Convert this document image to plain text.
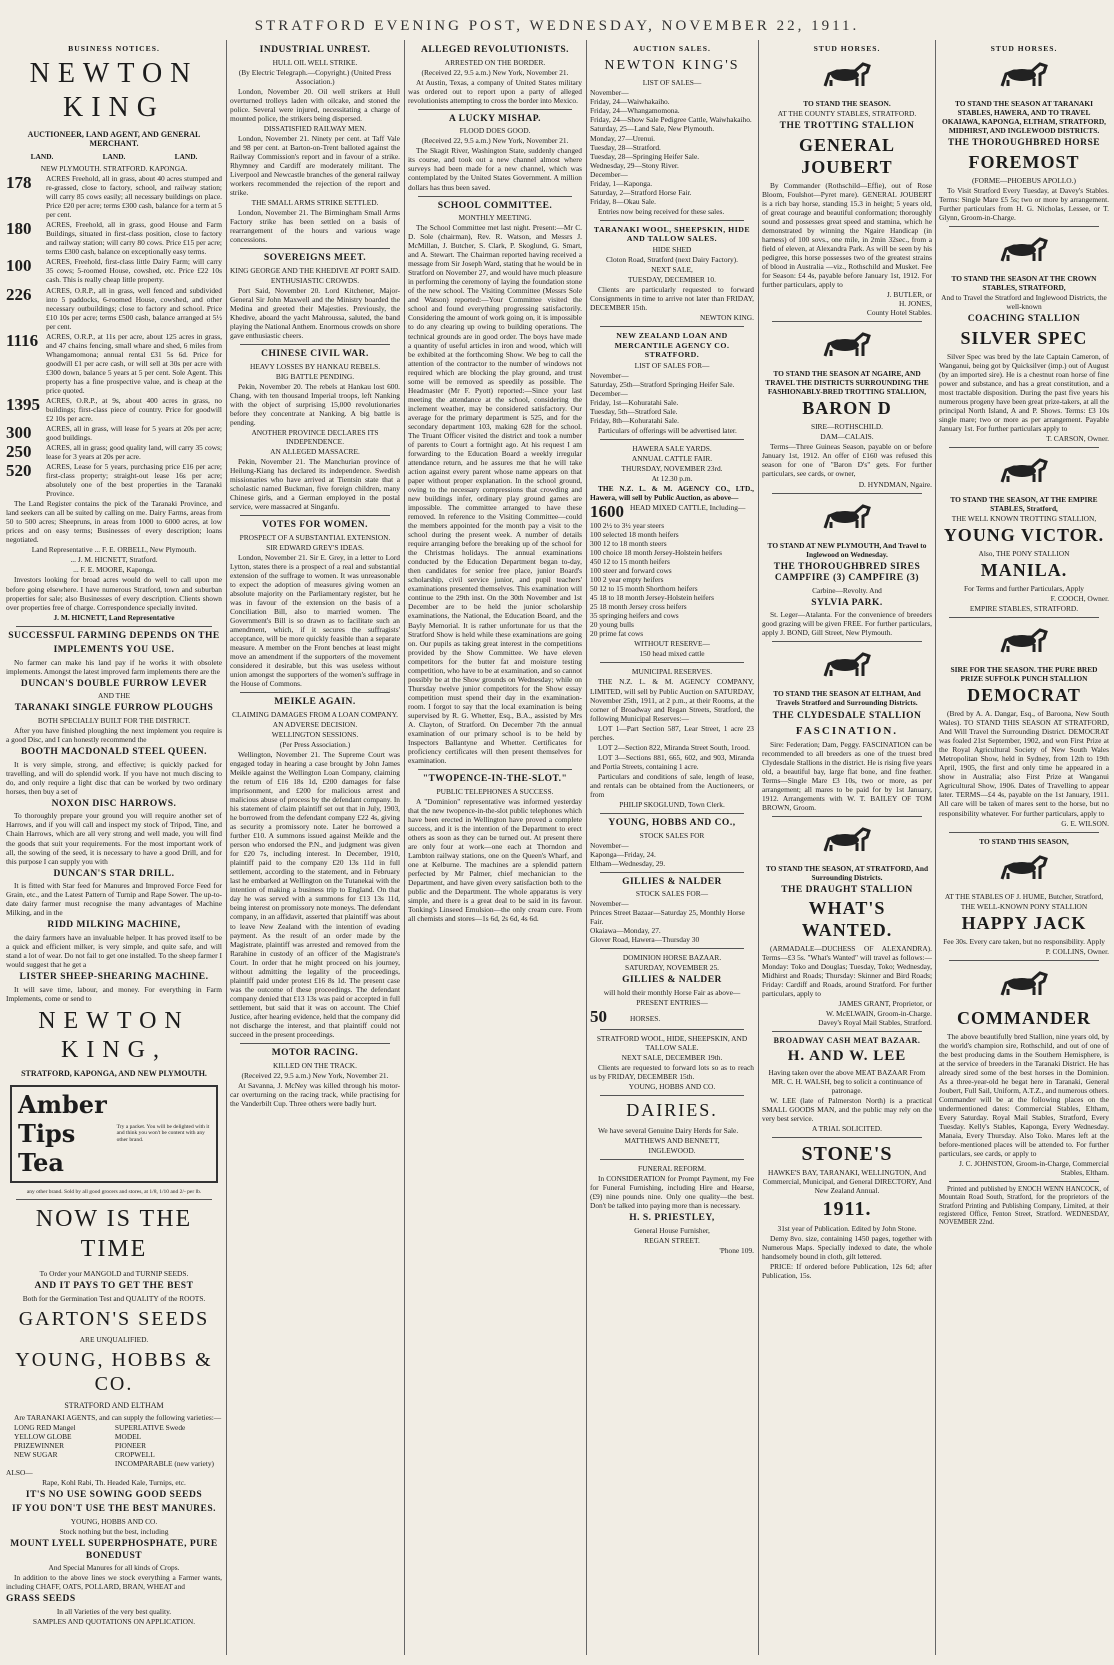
STRATFORD EVENING POST, WEDNESDAY, NOVEMBER 22, 1911.
BUSINESS NOTICES.
NEWTON KING
AUCTIONEER, LAND AGENT, AND GENERAL MERCHANT.
LAND.	LAND.	LAND.
NEW PLYMOUTH. STRATFORD. KAPONGA.
178	ACRES Freehold, all in grass, about 40 acres stumped and re-grassed, close to factory, school, and railway station; will carry 85 cows easily; all necessary buildings on place. Price £20 per acre; terms £300 cash, balance for a term at 5 per cent.
180	ACRES, Freehold, all in grass, good House and Farm Buildings, situated in first-class position, close to factory and railway station; will carry 80 cows. Price £15 per acre; terms £300 cash, balance on exceptionally easy terms.
100	ACRES, Freehold, first-class little Dairy Farm; will carry 35 cows; 5-roomed House, cowshed, etc. Price £22 10s cash. This is really cheap little property.
226	ACRES, O.R.P., all in grass, well fenced and subdivided into 5 paddocks, 6-roomed House, cowshed, and other necessary outbuildings; close to factory and school. Price £10 10s per acre; terms £500 cash, balance arranged at 5½ per cent.
1116	ACRES, O.R.P., at 11s per acre, about 125 acres in grass, and 47 chains fencing, small whare and shed, 6 miles from Whangamomona; annual rental £31 5s 6d. Price for goodwill £1 per acre cash, or will sell at 30s per acre with £300 down, balance 5 years at 5 per cent. Sole Agent. This property has a fine prospective value, and is cheap at the price quoted.
1395 ACRES, O.R.P., at 9s, about 400 acres in grass, no buildings; first-class piece of country. Price for goodwill £2 10s per acre.
300	ACRES, all in grass, will lease for 5 years at 20s per acre; good buildings.
250	ACRES, all in grass; good quality land, will carry 35 cows; lease for 3 years at 20s per acre.
520	ACRES, Lease for 5 years, purchasing price £16 per acre; first-class property; straight-out lease 16s per acre; absolutely one of the best properties in the Taranaki Province.
The Land Register contains the pick of the Taranaki Province, and land seekers can all be suited by calling on me. Dairy Farms, areas from 50 to 500 acres; Sheepruns, in areas from 1000 to 6000 acres, at low prices and on easy terms; Businesses of every description; loans negotiated.
Land Representative ... F. E. ORBELL, New Plymouth.
... J. M. HICNETT, Stratford.
... F. E. MOORE, Kaponga.
Investors looking for broad acres would do well to call upon me before going elsewhere. I have numerous Stratford, town and suburban properties for sale; also Businesses of every description. Clients shown over properties free of charge. Correspondence specially invited.
J. M. HICNETT, Land Representative
SUCCESSFUL FARMING DEPENDS ON THE
IMPLEMENTS YOU USE.
No farmer can make his land pay if he works it with obsolete implements. Amongst the latest improved farm implements there are the
DUNCAN'S DOUBLE FURROW LEVER
AND THE
TARANAKI SINGLE FURROW PLOUGHS
BOTH SPECIALLY BUILT FOR THE DISTRICT.
After you have finished ploughing the next implement you require is a good Disc, and I can honestly recommend the
BOOTH MACDONALD STEEL QUEEN.
It is very simple, strong, and effective; is quickly packed for travelling, and will do splendid work. If you have not much discing to do, and only require a light disc that can be worked by two ordinary horses, then buy a set of
NOXON DISC HARROWS.
To thoroughly prepare your ground you will require another set of Harrows, and if you will call and inspect my stock of Tripod, Tine, and Chain Harrows, which are all very strong and well made, you will find the goods that suit your requirements. For the most important work of all, the sowing of the seed, it is necessary to have a good Drill, and for this purpose I can supply you with
DUNCAN'S STAR DRILL.
It is fitted with Star feed for Manures and Improved Force Feed for Grain, etc., and the Latest Pattern of Turnip and Rape Sower. The up-to-date dairy farmer must recognise the many advantages of Machine Milking, and in the
RIDD MILKING MACHINE,
the dairy farmers have an invaluable helper. It has proved itself to be a quick and efficient milker, is very simple, and quite safe, and will stand a lot of wear. Do not fail to get one installed. To the sheep farmer I would suggest that he get a
LISTER SHEEP-SHEARING MACHINE.
It will save time, labour, and money. For everything in Farm Implements, come or send to
NEWTON KING,
STRATFORD, KAPONGA, AND NEW PLYMOUTH.
Amber Tips Tea
Try a packet. You will be delighted with it and think you won't be content with any other brand.
any other brand. Sold by all good grocers and stores, at 1/8, 1/10 and 2/- per lb.
NOW IS THE TIME
To Order your MANGOLD and TURNIP SEEDS.
AND IT PAYS TO GET THE BEST
Both for the Germination Test and QUALITY of the ROOTS.
GARTON'S SEEDS
ARE UNQUALIFIED.
YOUNG, HOBBS & CO.
STRATFORD AND ELTHAM
Are TARANAKI AGENTS, and can supply the following varieties:—
LONG RED Mangel
YELLOW GLOBE
PRIZEWINNER
NEW SUGAR
SUPERLATIVE Swede
MODEL
PIONEER
CROPWELL
INCOMPARABLE (new variety)
ALSO—
Rape, Kohl Rabi, Th. Headed Kale, Turnips, etc.
IT'S NO USE SOWING GOOD SEEDS
IF YOU DON'T USE THE BEST MANURES.
YOUNG, HOBBS AND CO.
Stock nothing but the best, including
MOUNT LYELL SUPERPHOSPHATE, PURE BONEDUST
And Special Manures for all kinds of Crops.
In addition to the above lines we stock everything a Farmer wants, including CHAFF, OATS, POLLARD, BRAN, WHEAT and
GRASS SEEDS
In all Varieties of the very best quality.
SAMPLES AND QUOTATIONS ON APPLICATION.
INDUSTRIAL UNREST.
HULL OIL WELL STRIKE.
(By Electric Telegraph.—Copyright.) (United Press Association.)
London, November 20. Oil well strikers at Hull overturned trolleys laden with oilcake, and stoned the police. Several were injured, necessitating a charge of mounted police, the strikers being dispersed.
DISSATISFIED RAILWAY MEN.
London, November 21. Ninety per cent. at Taff Vale and 98 per cent. at Barton-on-Trent balloted against the Railway Commission's report and in favour of a strike. Rhymney and Cardiff are moderately militant. The Liverpool and Newcastle branches of the general railway workers recommended the rejection of the report and strike.
THE SMALL ARMS STRIKE SETTLED.
London, November 21. The Birmingham Small Arms Factory strike has been settled on a basis of rearrangement of the hours and various wage concessions.
SOVEREIGNS MEET.
KING GEORGE AND THE KHEDIVE AT PORT SAID.
ENTHUSIASTIC CROWDS.
Port Said, November 20. Lord Kitchener, Major-General Sir John Maxwell and the Ministry boarded the Medina and greeted their Majesties. Previously, the Khedive, aboard the yacht Mahroussa, saluted, the band playing the National Anthem. Enormous crowds on shore gave enthusiastic cheers.
CHINESE CIVIL WAR.
HEAVY LOSSES BY HANKAU REBELS.
BIG BATTLE PENDING.
Pekin, November 20. The rebels at Hankau lost 600. Chang, with ten thousand Imperial troops, left Nanking with the object of surprising 15,000 revolutionaries before they concentrate at Nanking. A big battle is pending.
ANOTHER PROVINCE DECLARES ITS INDEPENDENCE.
AN ALLEGED MASSACRE.
Pekin, November 21. The Manchurian province of Heilung-Kiang has declared its independence. Swedish missionaries who have arrived at Tientsin state that a scholastic named Buckman, five foreign children, many Chinese girls, and a German employed in the postal service, were massacred at Singanfu.
VOTES FOR WOMEN.
PROSPECT OF A SUBSTANTIAL EXTENSION.
SIR EDWARD GREY'S IDEAS.
London, November 21. Sir E. Grey, in a letter to Lord Lytton, states there is a prospect of a real and substantial extension of the suffrage to women. It was unreasonable to expect the adoption of measures giving women an absolute majority on the Parliamentary register, but he was in favour of the extension on the basis of a Conciliation Bill, also to married women. The Government's Bill is so drawn as to facilitate such an amendment, which, if it secures the suffragists' acceptance, will be more quickly feasible than a separate measure. A member on the Front benches at least might move an amendment if the supporters of the movement considered it desirable, but this was useless without union amongst the supporters of the women's suffrage in the House of Commons.
MEIKLE AGAIN.
CLAIMING DAMAGES FROM A LOAN COMPANY.
AN ADVERSE DECISION.
WELLINGTON SESSIONS.
(Per Press Association.)
Wellington, November 21. The Supreme Court was engaged today in hearing a case brought by John James Meikle against the Wellington Loan Company, claiming the return of £16 18s 1d, £200 damages for false imprisonment, and £200 for malicious arrest and malicious abuse of process by the defendant company. In his statement of claim plaintiff set out that in July, 1903, he borrowed from the defendant company £22 4s, giving as security a promissory note. Later he borrowed a further £10. A summons issued against Meikle and the person who endorsed the P.N., and judgment was given for £20 7s, including interest. In December, 1910, plaintiff paid to the company £20 13s 11d in full settlement, according to the statement, and in February last he embarked at Wellington on the Tutanekai with the intention of making a business trip to England. On that day he was served with a summons for £13 13s 11d, being interest on promissory note moneys. The defendant company, in an affidavit, asserted that plaintiff was about to leave New Zealand with the intention of evading payment. As the result of an order made by the Magistrate, plaintiff was arrested and removed from the Rarahine in custody of an officer of the Magistrate's Court. In order that he might proceed on his journey, without admitting the legality of the proceedings, plaintiff paid under protest £16 8s 1d. The present case was the outcome of these proceedings. The defendant company denied that £13 13s was paid or accepted in full settlement, but said that it was on account. The Chief Justice, after hearing evidence, held that the company did not discharge the interest, and that plaintiff could not succeed in the present proceedings.
MOTOR RACING.
KILLED ON THE TRACK.
(Received 22, 9.5 a.m.) New York, November 21.
At Savanna, J. McNey was killed through his motor-car overturning on the racing track, while practising for the Vanderbilt Cup. Three others were badly hurt.
ALLEGED REVOLUTIONISTS.
ARRESTED ON THE BORDER.
(Received 22, 9.5 a.m.) New York, November 21.
At Austin, Texas, a company of United States military was ordered out to report upon a party of alleged revolutionists attempting to cross the border into Mexico.
A LUCKY MISHAP.
FLOOD DOES GOOD.
(Received 22, 9.5 a.m.) New York, November 21.
The Skagit River, Washington State, suddenly changed its course, and took out a new channel almost where surveys had been made for a new channel, which was contemplated by the United States Government. A million dollars has thus been saved.
SCHOOL COMMITTEE.
MONTHLY MEETING.
The School Committee met last night. Present:—Mr C. D. Sole (chairman), Rev. R. Watson, and Messrs J. McMillan, J. Butcher, S. Clark, P. Skoglund, G. Smart, and A. Stewart. The Chairman reported having received a message from Sir Joseph Ward, stating that he would be in Stratford on November 27, and would have much pleasure in performing the ceremony of laying the foundation stone of the new school. The Visiting Committee (Messrs Sole and Watson) reported:—Your Committee visited the school and found everything progressing satisfactorily. Considering the amount of work going on, it is impossible to do any clearing up owing to building operations. The technical grounds are in good order. The boys have made a quantity of useful articles in iron and wood, which will be exhibited at the forthcoming Show. We beg to call the attention of the contractor to the number of windows not required which are blocking the play ground, and trust some will be removed as speedily as possible. The Headmaster (Mr F. Pyott) reported:—Since your last meeting the attendance at the school, considering the inclement weather, may be considered satisfactory. Our average for the primary department is 525, and for the secondary department 103, making 628 for the school. The Truant Officer visited the district and took a number of parents to Court a fortnight ago. At his request I am forwarding to the Education Board a weekly irregular attendance return, and he assures me that he will take action against every parent whose name appears on that paper without proper explanation. In the school ground, owing to the necessary compressions that crowding and new buildings infer, ordinary play ground games are impossible. The committee arranged to have these removed. In reference to the Visiting Committee—could the members appointed for the month pay a visit to the school during the present week. A number of details require arranging before the breaking up of the school for the Christmas holidays. The annual examinations conducted by the Education Department began to-day, then candidates for senior free place, junior Board's scholarship, civil service junior, and pupil teachers' examinations presented themselves. This examination will continue to the 29th inst. On the 30th November and 1st December are to be held the junior scholarship examinations, the National, the Education Board, and the Bayly Memorial. It is rather unfortunate for us that the Stratford Show is held while these examinations are going on. Our pupils as taking great interest in the competitions provided by the Show Committee. We have eleven competitors for the butter fat and moisture testing competition, who have to be at examination, and so cannot possibly be at the Show grounds on Wednesday; while on Thursday twelve junior competitors for the Show essay competition must spend their day in the examination-room. I forgot to say that the local examination is being supervised by R. G. Whetter, Esq., B.A., assisted by Mrs A. Clayton, of Stratford. On December 7th the annual examination of our primary school is to be held by Inspectors Ballantyne and Whetter. Certificates for proficiency certificates will then present themselves for examination.
"TWOPENCE-IN-THE-SLOT."
PUBLIC TELEPHONES A SUCCESS.
A "Dominion" representative was informed yesterday that the new twopence-in-the-slot public telephones which have been erected in Wellington have proved a complete success, and it is the intention of the Department to erect others as soon as they can be turned out. At present there are only four at work—one each at Thorndon and Lambton railway stations, one on the Queen's Wharf, and one at Kelburne. The machines are a splendid pattern perfected by Mr Palmer, chief mechanician to the Department, and have given every satisfaction both to the public and the Department. The whole apparatus is very simple, and there is a great deal to be said in its favour. Tonking's Linseed Emulsion—the only cream cure. From all chemists and stores—1s 6d, 2s 6d, 4s 6d.
AUCTION SALES.
NEWTON KING'S
LIST OF SALES—
November—
Friday, 24—Waiwhakaiho.
Friday, 24—Whangamomona.
Friday, 24—Show Sale Pedigree Cattle, Waiwhakaiho.
Saturday, 25—Land Sale, New Plymouth.
Monday, 27—Urenui.
Tuesday, 28—Stratford.
Tuesday, 28—Springing Heifer Sale.
Wednesday, 29—Stony River.
December—
Friday, 1—Kaponga.
Saturday, 2—Stratford Horse Fair.
Friday, 8—Okau Sale.
Entries now being received for these sales.
TARANAKI WOOL, SHEEPSKIN, HIDE AND TALLOW SALES.
HIDE SHED
Cloton Road, Stratford (next Dairy Factory).
NEXT SALE,
TUESDAY, DECEMBER 10.
Clients are particularly requested to forward Consignments in time to arrive not later than FRIDAY, DECEMBER 15th.
NEWTON KING.
NEW ZEALAND LOAN AND MERCANTILE AGENCY CO. STRATFORD.
LIST OF SALES FOR—
November—
Saturday, 25th—Stratford Springing Heifer Sale.
December—
Friday, 1st—Kohuratahi Sale.
Tuesday, 5th—Stratford Sale.
Friday, 8th—Kohuratahi Sale.
Particulars of offerings will be advertised later.
HAWERA SALE YARDS.
ANNUAL CATTLE FAIR.
THURSDAY, NOVEMBER 23rd.
At 12.30 p.m.
THE N.Z. L. & M. AGENCY CO., LTD., Hawera, will sell by Public Auction, as above—
1600 HEAD MIXED CATTLE, Including—
100 2½ to 3½ year steers
100 selected 18 month heifers
300 12 to 18 month steers
100 choice 18 month Jersey-Holstein heifers
450 12 to 15 month heifers
100 steer and forward cows
100 2 year empty heifers
50 12 to 15 month Shorthorn heifers
45 18 to 18 month Jersey-Holstein heifers
25 18 month Jersey cross heifers
35 springing heifers and cows
20 young bulls
20 prime fat cows
WITHOUT RESERVE—
150 head mixed cattle
MUNICIPAL RESERVES.
THE N.Z. L. & M. AGENCY COMPANY, LIMITED, will sell by Public Auction on SATURDAY, November 25th, 1911, at 2 p.m., at their Rooms, at the corner of Broadway and Regan Streets, Stratford, the following Municipal Reserves:—
LOT 1—Part Section 587, Lear Street, 1 acre 23 perches.
LOT 2—Section 822, Miranda Street South, 1rood.
LOT 3—Sections 881, 665, 602, and 903, Miranda and Portia Streets, containing 1 acre.
Particulars and conditions of sale, length of lease, and rentals can be obtained from the Auctioneers, or from
PHILIP SKOGLUND, Town Clerk.
YOUNG, HOBBS AND CO.,
STOCK SALES FOR
November—
Kaponga—Friday, 24.
Eltham—Wednesday, 29.
GILLIES & NALDER
STOCK SALES FOR—
November—
Princes Street Bazaar—Saturday 25, Monthly Horse Fair.
Okaiawa—Monday, 27.
Glover Road, Hawera—Thursday 30
DOMINION HORSE BAZAAR.
SATURDAY, NOVEMBER 25.
GILLIES & NALDER
will hold their monthly Horse Fair as above—
PRESENT ENTRIES—
50	HORSES.
STRATFORD WOOL, HIDE, SHEEPSKIN, AND TALLOW SALE.
NEXT SALE, DECEMBER 19th.
Clients are requested to forward lots so as to reach us by FRIDAY, DECEMBER 15th.
YOUNG, HOBBS AND CO.
DAIRIES.
We have several Genuine Dairy Herds for Sale.
MATTHEWS AND BENNETT,
INGLEWOOD.
FUNERAL REFORM.
In CONSIDERATION for Prompt Payment, my Fee for Funeral Furnishing, including Hire and Hearse, (£9) nine pounds nine. Only one quality—the best. Don't be talked into paying more than is necessary.
H. S. PRIESTLEY,
General House Furnisher,
REGAN STREET.
'Phone 109.
STUD HORSES.
TO STAND THE SEASON.
AT THE COUNTY STABLES, STRATFORD.
THE TROTTING STALLION
GENERAL JOUBERT
By Commander (Rothschild—Effie), out of Rose Bloom, Foulshot—Pyret mare). GENERAL JOUBERT is a rich bay horse, standing 15.3 in height; 5 years old, of great courage and beautiful conformation; thoroughly sound and possesses great speed and stamina, which he demonstrated by winning the Ngaire Handicap (in harness) of 100 sovs., one mile, in 2min 32sec., from a field of eleven, at Alexandra Park. As will be seen by his pedigree, this horse possesses two of the greatest strains of blood in Australia —viz., Rothschild and Musket. Fee for Season: £4 4s, payable before January 1st, 1912. For further particulars, apply to
J. BUTLER, or
H. JONES,
County Hotel Stables.
TO STAND THE SEASON AT NGAIRE, AND TRAVEL THE DISTRICTS SURROUNDING THE FASHIONABLY-BRED TROTTING STALLION,
BARON D
SIRE—ROTHSCHILD.
DAM—CALAIS.
Terms—Three Guineas Season, payable on or before January 1st, 1912. An offer of £160 was refused this season for one of "Baron D's" gets. For further particulars, see cards, or owner,
D. HYNDMAN, Ngaire.
TO STAND AT NEW PLYMOUTH, And Travel to Inglewood on Wednesday.
THE THOROUGHBRED SIRES CAMPFIRE (3) CAMPFIRE (3)
Carbine—Revolty. And
SYLVIA PARK.
St. Leger—Atalanta. For the convenience of breeders good grazing will be given FREE. For further particulars, apply J. BOND, Gill Street, New Plymouth.
TO STAND THE SEASON AT ELTHAM, And Travels Stratford and Surrounding Districts.
THE CLYDESDALE STALLION
FASCINATION.
Sire: Federation; Dam, Peggy. FASCINATION can be recommended to all breeders as one of the truest bred Clydesdale Stallions in the district. He is rising five years old, a beautiful bay, large flat bone, and fine feather. Terms—Single Mare £3 10s, two or more, as per arrangement; all mares to be paid for by 1st January, 1912. Arrangements with W. T. BAILEY OF TOM BROWN, Groom.
TO STAND THE SEASON, AT STRATFORD, And Surrounding Districts.
THE DRAUGHT STALLION
WHAT'S WANTED.
(ARMADALE—DUCHESS OF ALEXANDRA). Terms—£3 5s. "What's Wanted" will travel as follows:—Monday: Toko and Douglas; Tuesday, Toko; Wednesday, Midhirst and Roads; Thursday: Skinner and Bird Roads; Friday: Cardiff and Roads, around Stratford. For further particulars, apply to
JAMES GRANT, Proprietor, or
W. McELWAIN, Groom-in-Charge.
Davey's Royal Mail Stables, Stratford.
BROADWAY CASH MEAT BAZAAR.
H. AND W. LEE
Having taken over the above MEAT BAZAAR From MR. C. H. WALSH, beg to solicit a continuance of patronage.
W. LEE (late of Palmerston North) is a practical SMALL GOODS MAN, and the public may rely on the very best service.
A TRIAL SOLICITED.
STONE'S
HAWKE'S BAY, TARANAKI, WELLINGTON, And Commercial, Municipal, and General DIRECTORY, And New Zealand Annual.
1911.
31st year of Publication. Edited by John Stone.
Demy 8vo. size, containing 1450 pages, together with Numerous Maps. Specially indexed to date, the whole handsomely bound in cloth, gilt lettered.
PRICE: If ordered before Publication, 12s 6d; after Publication, 15s.
STUD HORSES.
TO STAND THE SEASON AT TARANAKI STABLES, HAWERA, AND TO TRAVEL OKAIAWA, KAPONGA, ELTHAM, STRATFORD, MIDHIRST, AND INGLEWOOD DISTRICTS.
THE THOROUGHBRED HORSE
FOREMOST
(FORME—PHOEBUS APOLLO.)
To Visit Stratford Every Tuesday, at Davey's Stables. Terms: Single Mare £5 5s; two or more by arrangement. Further particulars from H. G. Nicholas, Lessee, or T. Glynn, Groom-in-Charge.
TO STAND THE SEASON AT THE CROWN STABLES, STRATFORD,
And to Travel the Stratford and Inglewood Districts, the well-known
COACHING STALLION
SILVER SPEC
Silver Spec was bred by the late Captain Cameron, of Wanganui, being got by Quicksilver (imp.) out of August (by an imported sire). He is a chestnut roan horse of fine power and substance, and has a great constitution, and a most tractable disposition. During the past five years his numerous progeny have been great prize-takers, at all the principal North Island, A and P. Shows. Terms: £3 10s single mare; two or more as per arrangement. Payable January 1st. For further particulars apply to
T. CARSON, Owner.
TO STAND THE SEASON, AT THE EMPIRE STABLES, Stratford,
THE WELL KNOWN TROTTING STALLION,
YOUNG VICTOR.
Also, THE PONY STALLION
MANILA.
For Terms and further Particulars, Apply
F. COOCH, Owner.
EMPIRE STABLES, STRATFORD.
SIRE FOR THE SEASON. THE PURE BRED PRIZE SUFFOLK PUNCH STALLION
DEMOCRAT
(Bred by A. A. Dangar, Esq., of Baroona, New South Wales). TO STAND THIS SEASON AT STRATFORD, And Will Travel the Surrounding District. DEMOCRAT was foaled 21st September, 1902, and won First Prize at the Royal Agricultural Society of New South Wales Metropolitan Show, held in Sydney, from 12th to 19th April, 1905, the first and only time he appeared in a show in Australia; also First Prize at Wanganui Agricultural Show, 1906. Dates of Travelling to appear later. TERMS—£4 4s, payable on the 1st January, 1911. All care will be taken of mares sent to the horse, but no responsibility whatever. For further particulars, apply to
G. E. WILSON.
TO STAND THIS SEASON,
AT THE STABLES OF J. HUME, Butcher, Stratford,
THE WELL-KNOWN PONY STALLION
HAPPY JACK
Fee 30s. Every care taken, but no responsibility. Apply
P. COLLINS, Owner.
COMMANDER
The above beautifully bred Stallion, nine years old, by the world's champion sire, Rothschild, and out of one of the best producing dams in the Southern Hemisphere, is at the service of breeders in the Taranaki District. He has already sired some of the best horses in the Dominion. As a three-year-old he begat here in Taranaki, General Joubert, Full Sail, Uniform, A.T.Z., and numerous others. Commander will be at the following places on the undermentioned dates: Commercial Stables, Eltham, Every Saturday. Royal Mail Stables, Stratford, Every Tuesday. Kelly's Stables, Kaponga, Every Wednesday. Manaia, Every Thursday. Also Toko. Mares left at the before-mentioned places will be attended to. For further particulars, see cards, or apply to
J. C. JOHNSTON, Groom-in-Charge, Commercial Stables, Eltham.
Printed and published by ENOCH WENN HANCOCK, of Mountain Road South, Stratford, for the proprietors of the Stratford Printing and Publishing Company, Limited, at their registered Office, Fenton Street, Stratford. WEDNESDAY, NOVEMBER 22nd.
